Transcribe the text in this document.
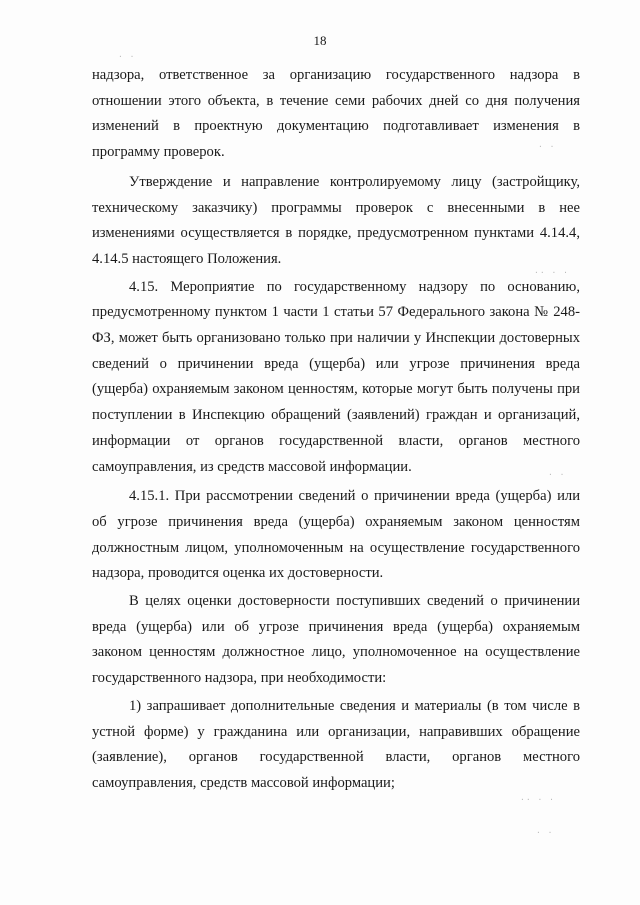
18

надзора, ответственное за организацию государственного надзора в отношении этого объекта, в течение семи рабочих дней со дня получения изменений в проектную документацию подготавливает изменения в программу проверок.

Утверждение и направление контролируемому лицу (застройщику, техническому заказчику) программы проверок с внесенными в нее изменениями осуществляется в порядке, предусмотренном пунктами 4.14.4, 4.14.5 настоящего Положения.

4.15. Мероприятие по государственному надзору по основанию, предусмотренному пунктом 1 части 1 статьи 57 Федерального закона № 248-ФЗ, может быть организовано только при наличии у Инспекции достоверных сведений о причинении вреда (ущерба) или угрозе причинения вреда (ущерба) охраняемым законом ценностям, которые могут быть получены при поступлении в Инспекцию обращений (заявлений) граждан и организаций, информации от органов государственной власти, органов местного самоуправления, из средств массовой информации.

4.15.1. При рассмотрении сведений о причинении вреда (ущерба) или об угрозе причинения вреда (ущерба) охраняемым законом ценностям должностным лицом, уполномоченным на осуществление государственного надзора, проводится оценка их достоверности.

В целях оценки достоверности поступивших сведений о причинении вреда (ущерба) или об угрозе причинения вреда (ущерба) охраняемым законом ценностям должностное лицо, уполномоченное на осуществление государственного надзора, при необходимости:

1) запрашивает дополнительные сведения и материалы (в том числе в устной форме) у гражданина или организации, направивших обращение (заявление), органов государственной власти, органов местного самоуправления, средств массовой информации;

· ·
· ·
·· · ·
· ·
·· · ·
· ·
